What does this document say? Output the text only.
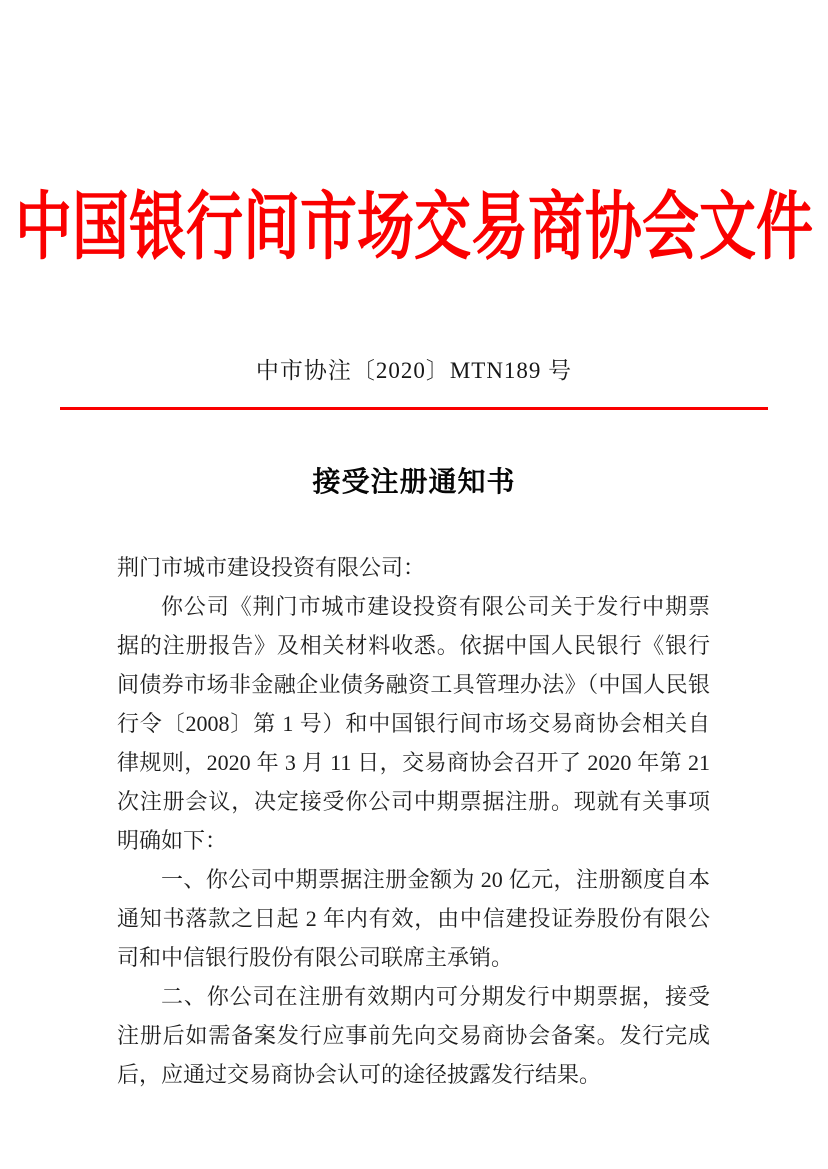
中国银行间市场交易商协会文件
中市协注〔2020〕MTN189 号
接受注册通知书

荆门市城市建设投资有限公司：

你公司《荆门市城市建设投资有限公司关于发行中期票据的注册报告》及相关材料收悉。依据中国人民银行《银行间债券市场非金融企业债务融资工具管理办法》（中国人民银行令〔2008〕第 1 号）和中国银行间市场交易商协会相关自律规则，2020 年 3 月 11 日，交易商协会召开了 2020 年第 21 次注册会议，决定接受你公司中期票据注册。现就有关事项明确如下：

一、你公司中期票据注册金额为 20 亿元，注册额度自本通知书落款之日起 2 年内有效，由中信建投证券股份有限公司和中信银行股份有限公司联席主承销。

二、你公司在注册有效期内可分期发行中期票据，接受注册后如需备案发行应事前先向交易商协会备案。发行完成后，应通过交易商协会认可的途径披露发行结果。
